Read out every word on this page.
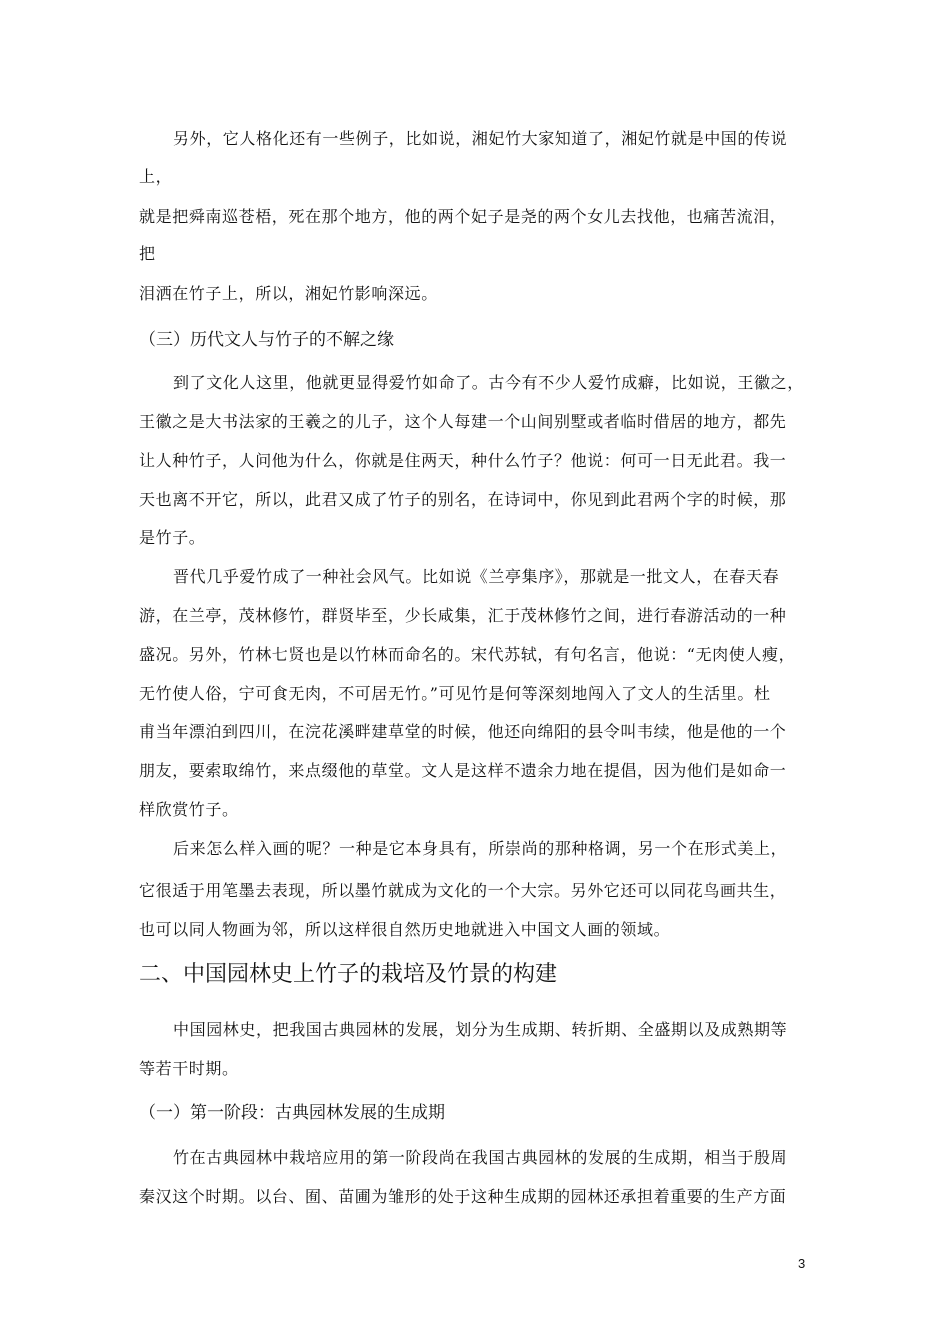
另外，它人格化还有一些例子，比如说，湘妃竹大家知道了，湘妃竹就是中国的传说
上，
就是把舜南巡苍梧，死在那个地方，他的两个妃子是尧的两个女儿去找他，也痛苦流泪，
把
泪洒在竹子上，所以，湘妃竹影响深远。
（三）历代文人与竹子的不解之缘
到了文化人这里，他就更显得爱竹如命了。古今有不少人爱竹成癖，比如说，王徽之，
王徽之是大书法家的王羲之的儿子，这个人每建一个山间别墅或者临时借居的地方，都先
让人种竹子，人问他为什么，你就是住两天，种什么竹子？他说：何可一日无此君。我一
天也离不开它，所以，此君又成了竹子的别名，在诗词中，你见到此君两个字的时候，那
是竹子。
晋代几乎爱竹成了一种社会风气。比如说《兰亭集序》，那就是一批文人，在春天春
游，在兰亭，茂林修竹，群贤毕至，少长咸集，汇于茂林修竹之间，进行春游活动的一种
盛况。另外，竹林七贤也是以竹林而命名的。宋代苏轼，有句名言，他说：“无肉使人瘦，
无竹使人俗，宁可食无肉，不可居无竹。”可见竹是何等深刻地闯入了文人的生活里。杜
甫当年漂泊到四川，在浣花溪畔建草堂的时候，他还向绵阳的县令叫韦续，他是他的一个
朋友，要索取绵竹，来点缀他的草堂。文人是这样不遗余力地在提倡，因为他们是如命一
样欣赏竹子。
后来怎么样入画的呢？一种是它本身具有，所崇尚的那种格调，另一个在形式美上，
它很适于用笔墨去表现，所以墨竹就成为文化的一个大宗。另外它还可以同花鸟画共生，
也可以同人物画为邻，所以这样很自然历史地就进入中国文人画的领域。
二、中国园林史上竹子的栽培及竹景的构建
中国园林史，把我国古典园林的发展，划分为生成期、转折期、全盛期以及成熟期等
等若干时期。
（一）第一阶段：古典园林发展的生成期
竹在古典园林中栽培应用的第一阶段尚在我国古典园林的发展的生成期，相当于殷周
秦汉这个时期。以台、囿、苗圃为雏形的处于这种生成期的园林还承担着重要的生产方面
3
